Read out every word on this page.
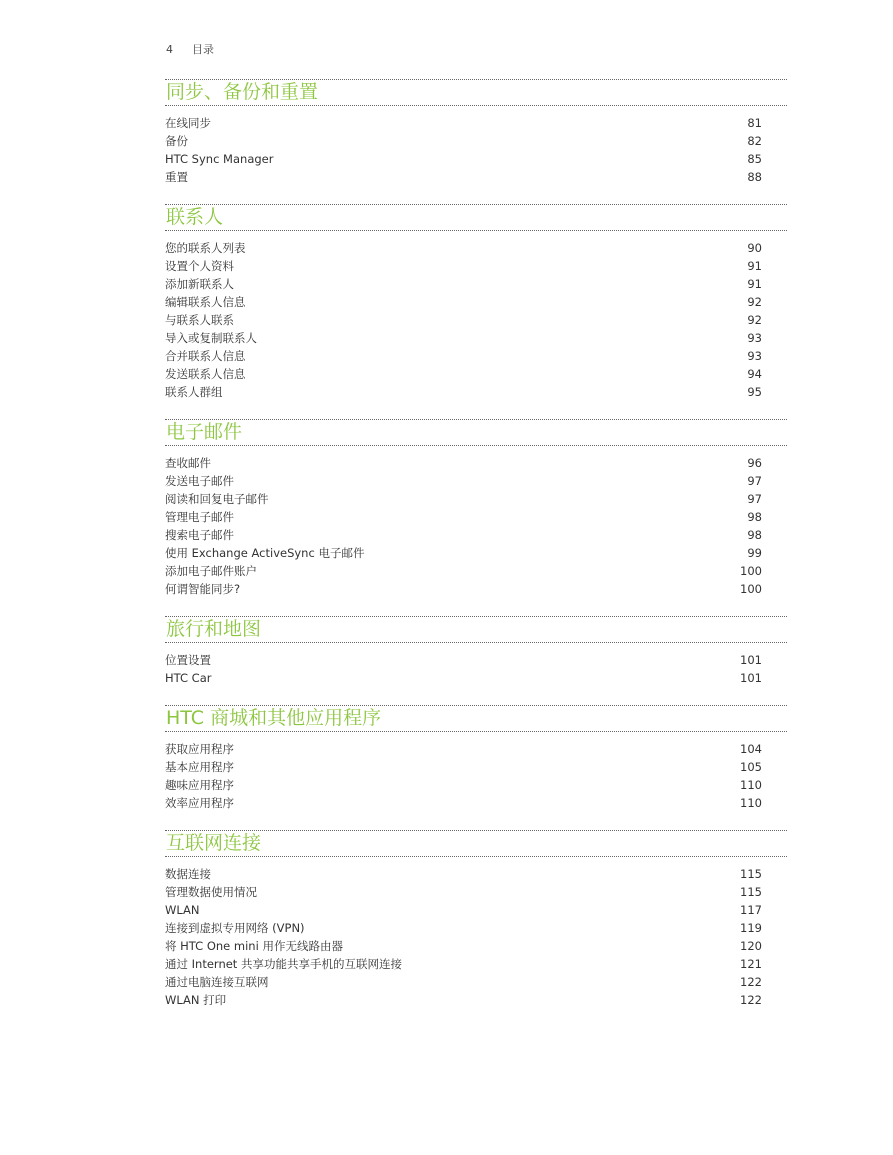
4 目录
同步、备份和重置
在线同步	81
备份	82
HTC Sync Manager	85
重置	88
联系人
您的联系人列表	90
设置个人资料	91
添加新联系人	91
编辑联系人信息	92
与联系人联系	92
导入或复制联系人	93
合并联系人信息	93
发送联系人信息	94
联系人群组	95
电子邮件
查收邮件	96
发送电子邮件	97
阅读和回复电子邮件	97
管理电子邮件	98
搜索电子邮件	98
使用 Exchange ActiveSync 电子邮件	99
添加电子邮件账户	100
何谓智能同步?	100
旅行和地图
位置设置	101
HTC Car	101
HTC 商城和其他应用程序
获取应用程序	104
基本应用程序	105
趣味应用程序	110
效率应用程序	110
互联网连接
数据连接	115
管理数据使用情况	115
WLAN	117
连接到虚拟专用网络 (VPN)	119
将 HTC One mini 用作无线路由器	120
通过 Internet 共享功能共享手机的互联网连接	121
通过电脑连接互联网	122
WLAN 打印	122
